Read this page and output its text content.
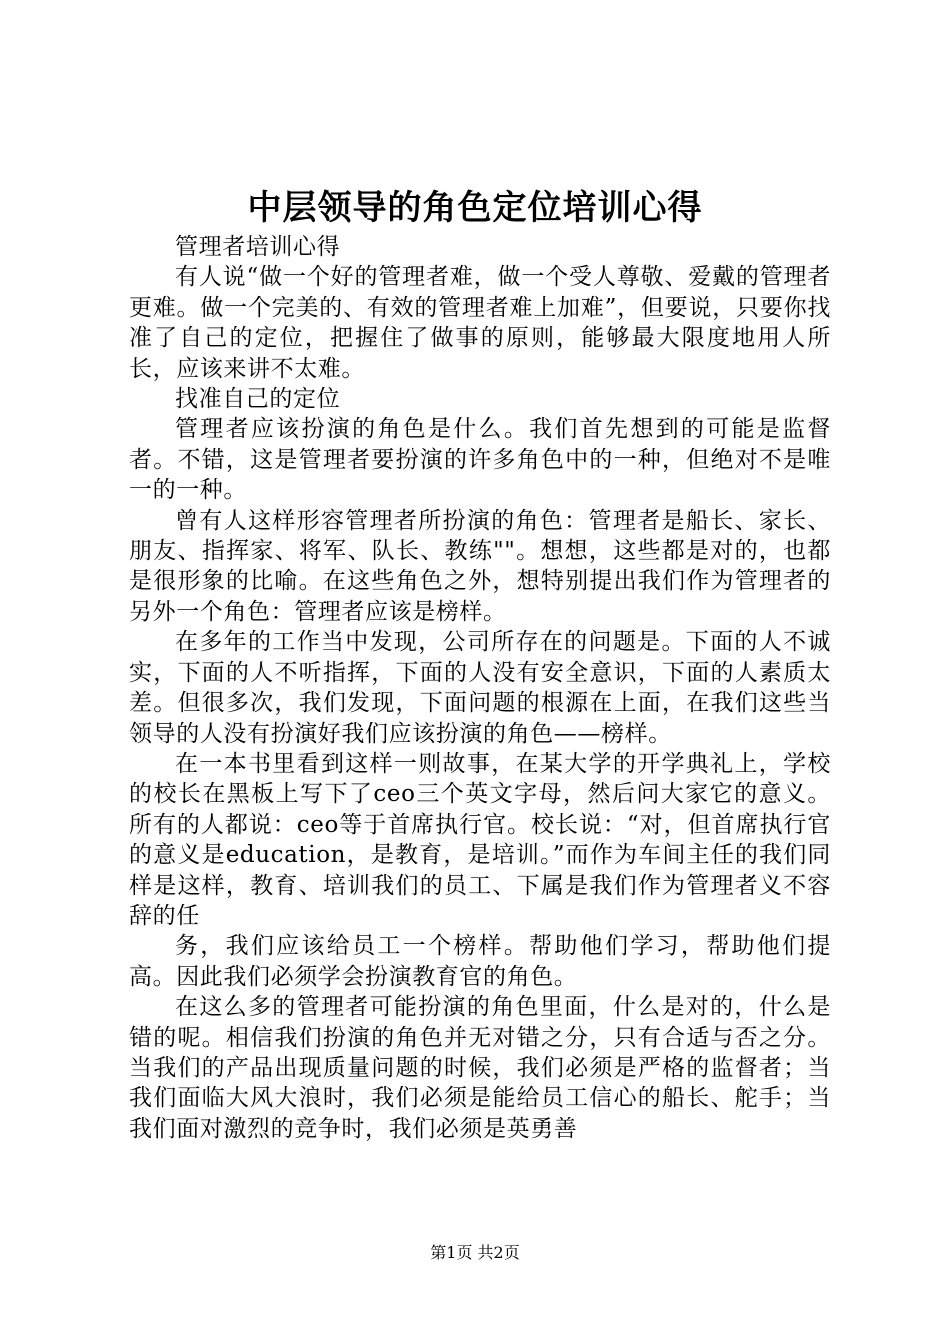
中层领导的角色定位培训心得

管理者培训心得

有人说“做一个好的管理者难，做一个受人尊敬、爱戴的管理者更难。做一个完美的、有效的管理者难上加难”，但要说，只要你找准了自己的定位，把握住了做事的原则，能够最大限度地用人所长，应该来讲不太难。

找准自己的定位

管理者应该扮演的角色是什么。我们首先想到的可能是监督者。不错，这是管理者要扮演的许多角色中的一种，但绝对不是唯一的一种。

曾有人这样形容管理者所扮演的角色：管理者是船长、家长、朋友、指挥家、将军、队长、教练""。想想，这些都是对的，也都是很形象的比喻。在这些角色之外，想特别提出我们作为管理者的另外一个角色：管理者应该是榜样。

在多年的工作当中发现，公司所存在的问题是。下面的人不诚实，下面的人不听指挥，下面的人没有安全意识，下面的人素质太差。但很多次，我们发现，下面问题的根源在上面，在我们这些当领导的人没有扮演好我们应该扮演的角色——榜样。

在一本书里看到这样一则故事，在某大学的开学典礼上，学校的校长在黑板上写下了ceo三个英文字母，然后问大家它的意义。所有的人都说：ceo等于首席执行官。校长说：“对，但首席执行官的意义是education，是教育，是培训。”而作为车间主任的我们同样是这样，教育、培训我们的员工、下属是我们作为管理者义不容辞的任

务，我们应该给员工一个榜样。帮助他们学习，帮助他们提高。因此我们必须学会扮演教育官的角色。

在这么多的管理者可能扮演的角色里面，什么是对的，什么是错的呢。相信我们扮演的角色并无对错之分，只有合适与否之分。当我们的产品出现质量问题的时候，我们必须是严格的监督者；当我们面临大风大浪时，我们必须是能给员工信心的船长、舵手；当我们面对激烈的竞争时，我们必须是英勇善

第1页 共2页
